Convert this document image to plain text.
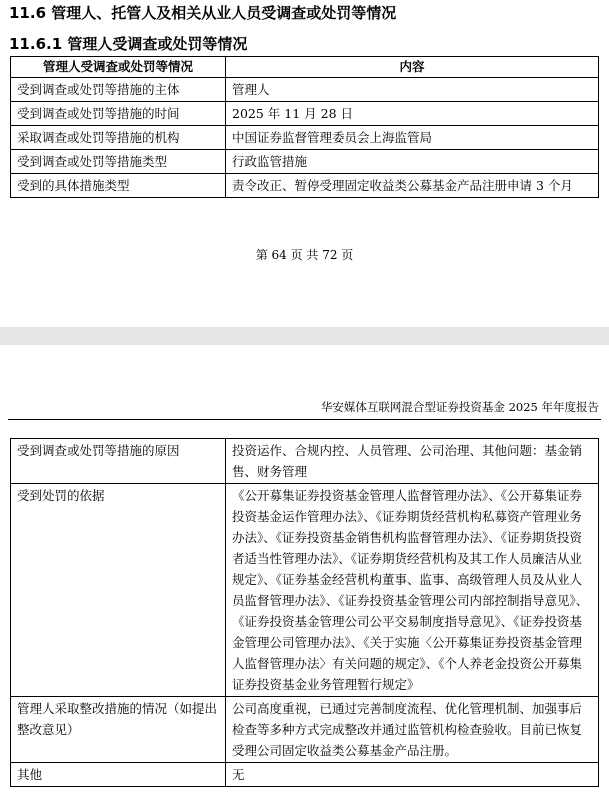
11.6 管理人、托管人及相关从业人员受调查或处罚等情况
11.6.1 管理人受调查或处罚等情况
管理人受调查或处罚等情况	内容
受到调查或处罚等措施的主体	管理人
受到调查或处罚等措施的时间	2025 年 11 月 28 日
采取调查或处罚等措施的机构	中国证券监督管理委员会上海监管局
受到调查或处罚等措施类型	行政监管措施
受到的具体措施类型	责令改正、暂停受理固定收益类公募基金产品注册申请 3 个月
第 64 页 共 72 页
华安媒体互联网混合型证券投资基金 2025 年年度报告
受到调查或处罚等措施的原因	投资运作、合规内控、人员管理、公司治理、其他问题：基金销售、财务管理
受到处罚的依据	《公开募集证券投资基金管理人监督管理办法》、《公开募集证券投资基金运作管理办法》、《证券期货经营机构私募资产管理业务办法》、《证券投资基金销售机构监督管理办法》、《证券期货投资者适当性管理办法》、《证券期货经营机构及其工作人员廉洁从业规定》、《证券基金经营机构董事、监事、高级管理人员及从业人员监督管理办法》、《证券投资基金管理公司内部控制指导意见》、《证券投资基金管理公司公平交易制度指导意见》、《证券投资基金管理公司管理办法》、《关于实施〈公开募集证券投资基金管理人监督管理办法〉有关问题的规定》、《个人养老金投资公开募集证券投资基金业务管理暂行规定》
管理人采取整改措施的情况（如提出整改意见）	公司高度重视，已通过完善制度流程、优化管理机制、加强事后检查等多种方式完成整改并通过监管机构检查验收。目前已恢复受理公司固定收益类公募基金产品注册。
其他	无
